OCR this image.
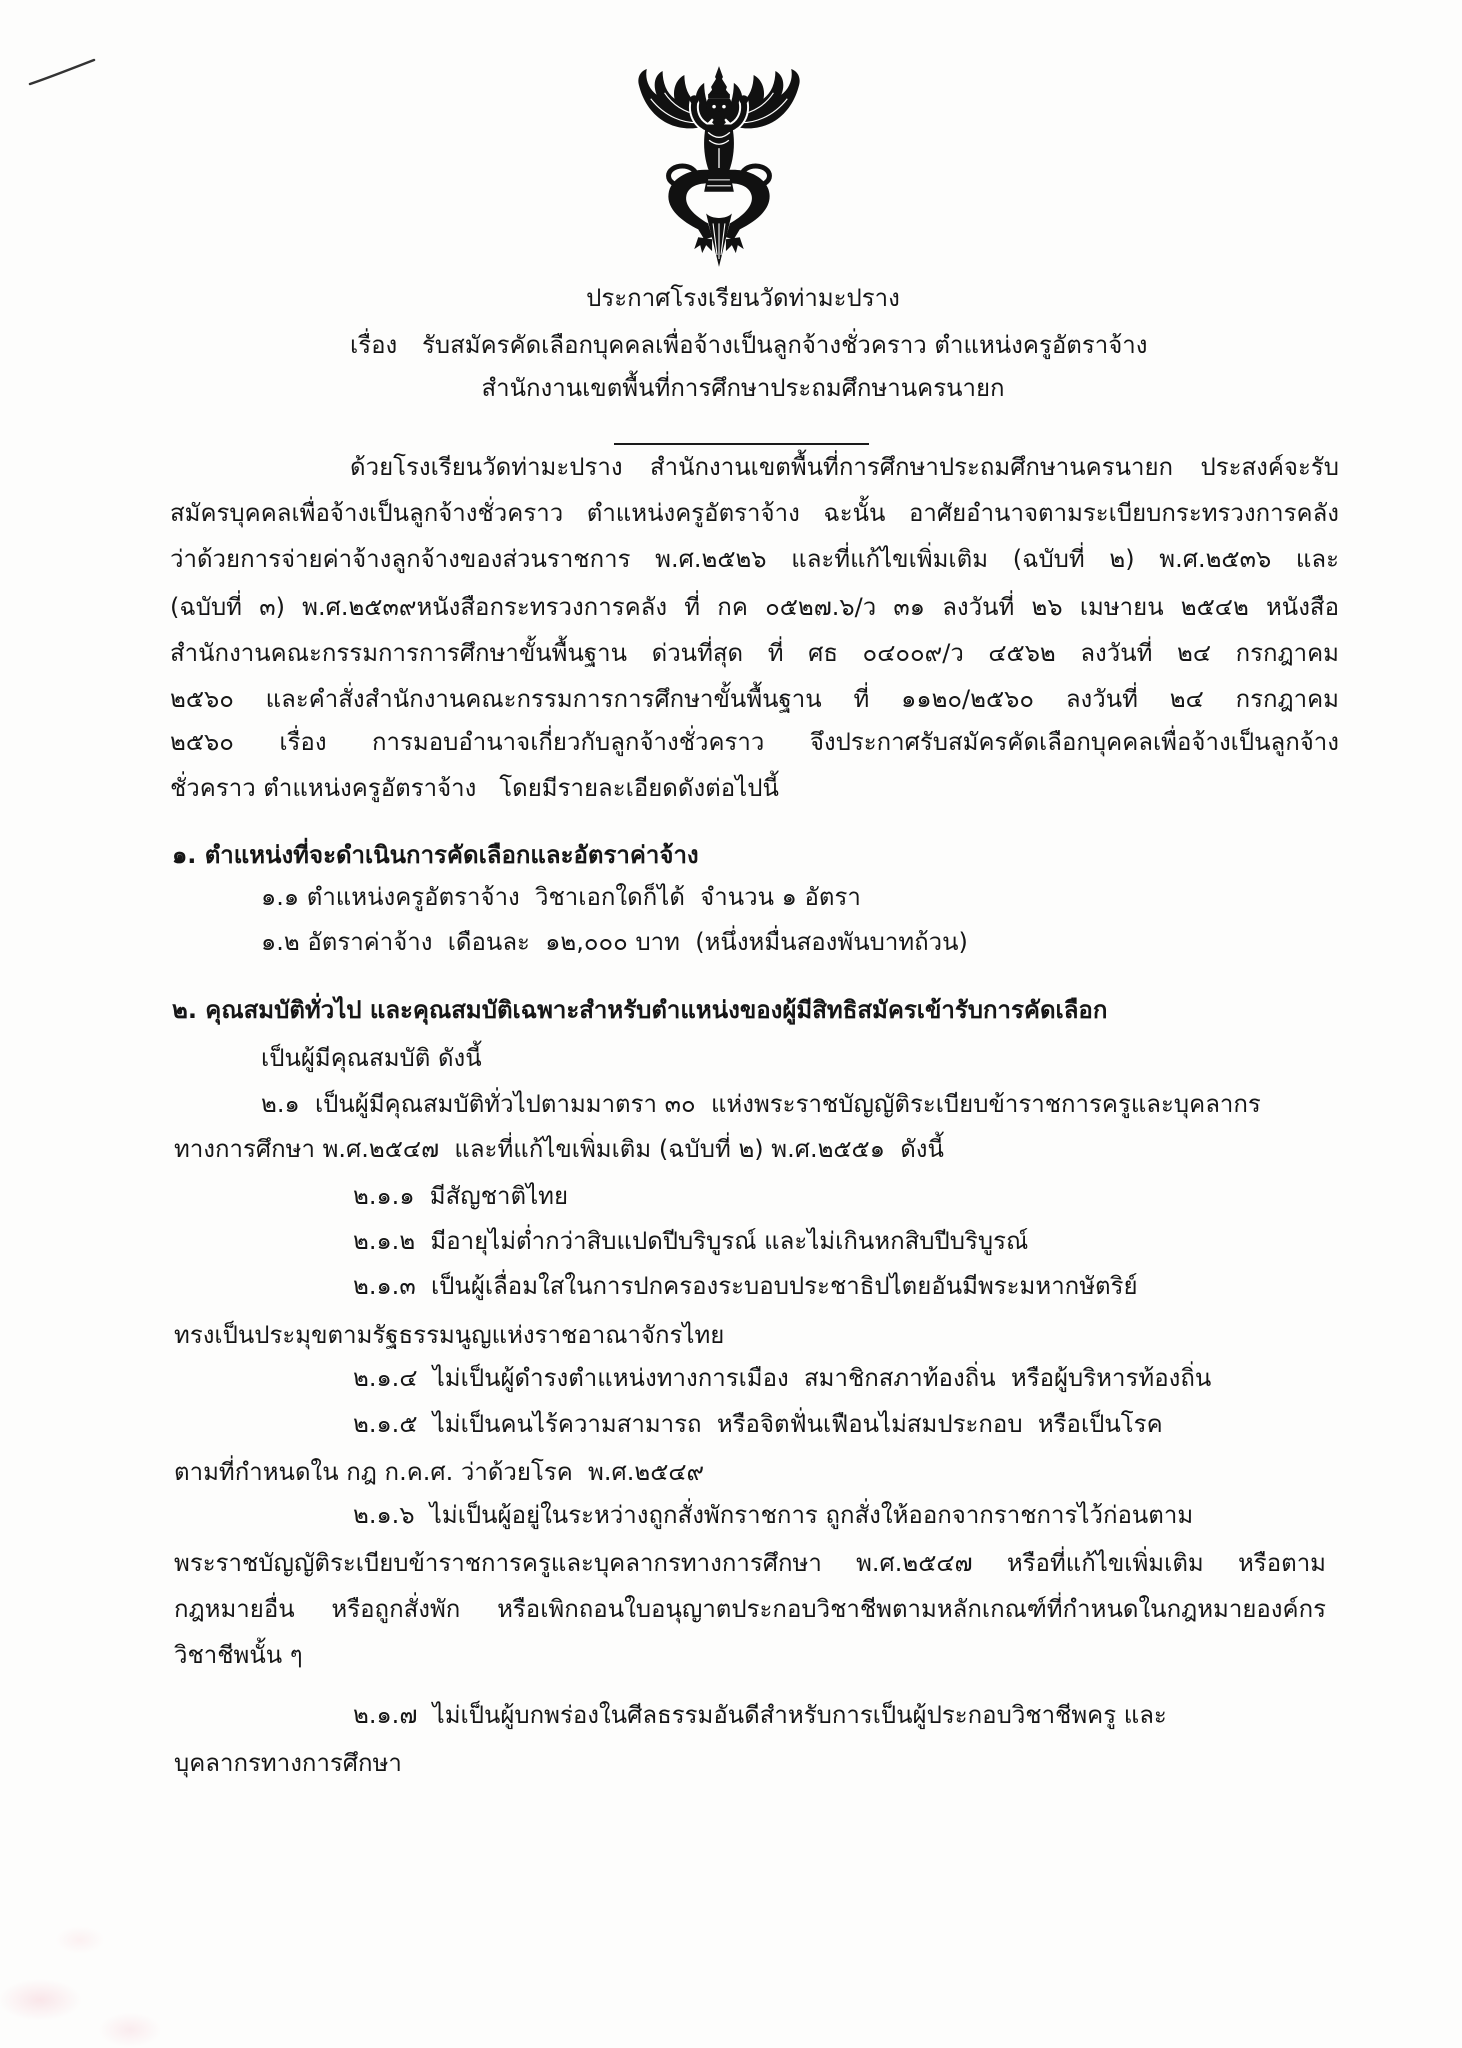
ประกาศโรงเรียนวัดท่ามะปราง
เรื่อง รับสมัครคัดเลือกบุคคลเพื่อจ้างเป็นลูกจ้างชั่วคราว ตำแหน่งครูอัตราจ้าง
สำนักงานเขตพื้นที่การศึกษาประถมศึกษานครนายก
ด้วยโรงเรียนวัดท่ามะปราง สำนักงานเขตพื้นที่การศึกษาประถมศึกษานครนายก ประสงค์จะรับ
สมัครบุคคลเพื่อจ้างเป็นลูกจ้างชั่วคราว ตำแหน่งครูอัตราจ้าง ฉะนั้น อาศัยอำนาจตามระเบียบกระทรวงการคลัง
ว่าด้วยการจ่ายค่าจ้างลูกจ้างของส่วนราชการ พ.ศ.๒๕๒๖ และที่แก้ไขเพิ่มเติม (ฉบับที่ ๒) พ.ศ.๒๕๓๖ และ
(ฉบับที่ ๓) พ.ศ.๒๕๓๙หนังสือกระทรวงการคลัง ที่ กค ๐๕๒๗.๖/ว ๓๑ ลงวันที่ ๒๖ เมษายน ๒๕๔๒ หนังสือ
สำนักงานคณะกรรมการการศึกษาขั้นพื้นฐาน ด่วนที่สุด ที่ ศธ ๐๔๐๐๙/ว ๔๕๖๒ ลงวันที่ ๒๔ กรกฎาคม
๒๕๖๐ และคำสั่งสำนักงานคณะกรรมการการศึกษาขั้นพื้นฐาน ที่ ๑๑๒๐/๒๕๖๐ ลงวันที่ ๒๔ กรกฎาคม
๒๕๖๐ เรื่อง การมอบอำนาจเกี่ยวกับลูกจ้างชั่วคราว จึงประกาศรับสมัครคัดเลือกบุคคลเพื่อจ้างเป็นลูกจ้าง
ชั่วคราว ตำแหน่งครูอัตราจ้าง   โดยมีรายละเอียดดังต่อไปนี้
๑. ตำแหน่งที่จะดำเนินการคัดเลือกและอัตราค่าจ้าง
๑.๑ ตำแหน่งครูอัตราจ้าง  วิชาเอกใดก็ได้  จำนวน ๑ อัตรา
๑.๒ อัตราค่าจ้าง  เดือนละ  ๑๒,๐๐๐ บาท  (หนึ่งหมื่นสองพันบาทถ้วน)
๒. คุณสมบัติทั่วไป และคุณสมบัติเฉพาะสำหรับตำแหน่งของผู้มีสิทธิสมัครเข้ารับการคัดเลือก
เป็นผู้มีคุณสมบัติ ดังนี้
๒.๑  เป็นผู้มีคุณสมบัติทั่วไปตามมาตรา ๓๐  แห่งพระราชบัญญัติระเบียบข้าราชการครูและบุคลากร
ทางการศึกษา พ.ศ.๒๕๔๗  และที่แก้ไขเพิ่มเติม (ฉบับที่ ๒) พ.ศ.๒๕๕๑  ดังนี้
๒.๑.๑  มีสัญชาติไทย
๒.๑.๒  มีอายุไม่ต่ำกว่าสิบแปดปีบริบูรณ์ และไม่เกินหกสิบปีบริบูรณ์
๒.๑.๓  เป็นผู้เลื่อมใสในการปกครองระบอบประชาธิปไตยอันมีพระมหากษัตริย์
ทรงเป็นประมุขตามรัฐธรรมนูญแห่งราชอาณาจักรไทย
๒.๑.๔  ไม่เป็นผู้ดำรงตำแหน่งทางการเมือง  สมาชิกสภาท้องถิ่น  หรือผู้บริหารท้องถิ่น
๒.๑.๕  ไม่เป็นคนไร้ความสามารถ  หรือจิตฟั่นเฟือนไม่สมประกอบ  หรือเป็นโรค
ตามที่กำหนดใน กฎ ก.ค.ศ. ว่าด้วยโรค  พ.ศ.๒๕๔๙
๒.๑.๖  ไม่เป็นผู้อยู่ในระหว่างถูกสั่งพักราชการ ถูกสั่งให้ออกจากราชการไว้ก่อนตาม
พระราชบัญญัติระเบียบข้าราชการครูและบุคลากรทางการศึกษา พ.ศ.๒๕๔๗ หรือที่แก้ไขเพิ่มเติม หรือตาม
กฎหมายอื่น หรือถูกสั่งพัก หรือเพิกถอนใบอนุญาตประกอบวิชาชีพตามหลักเกณฑ์ที่กำหนดในกฎหมายองค์กร
วิชาชีพนั้น ๆ
๒.๑.๗  ไม่เป็นผู้บกพร่องในศีลธรรมอันดีสำหรับการเป็นผู้ประกอบวิชาชีพครู และ
บุคลากรทางการศึกษา
